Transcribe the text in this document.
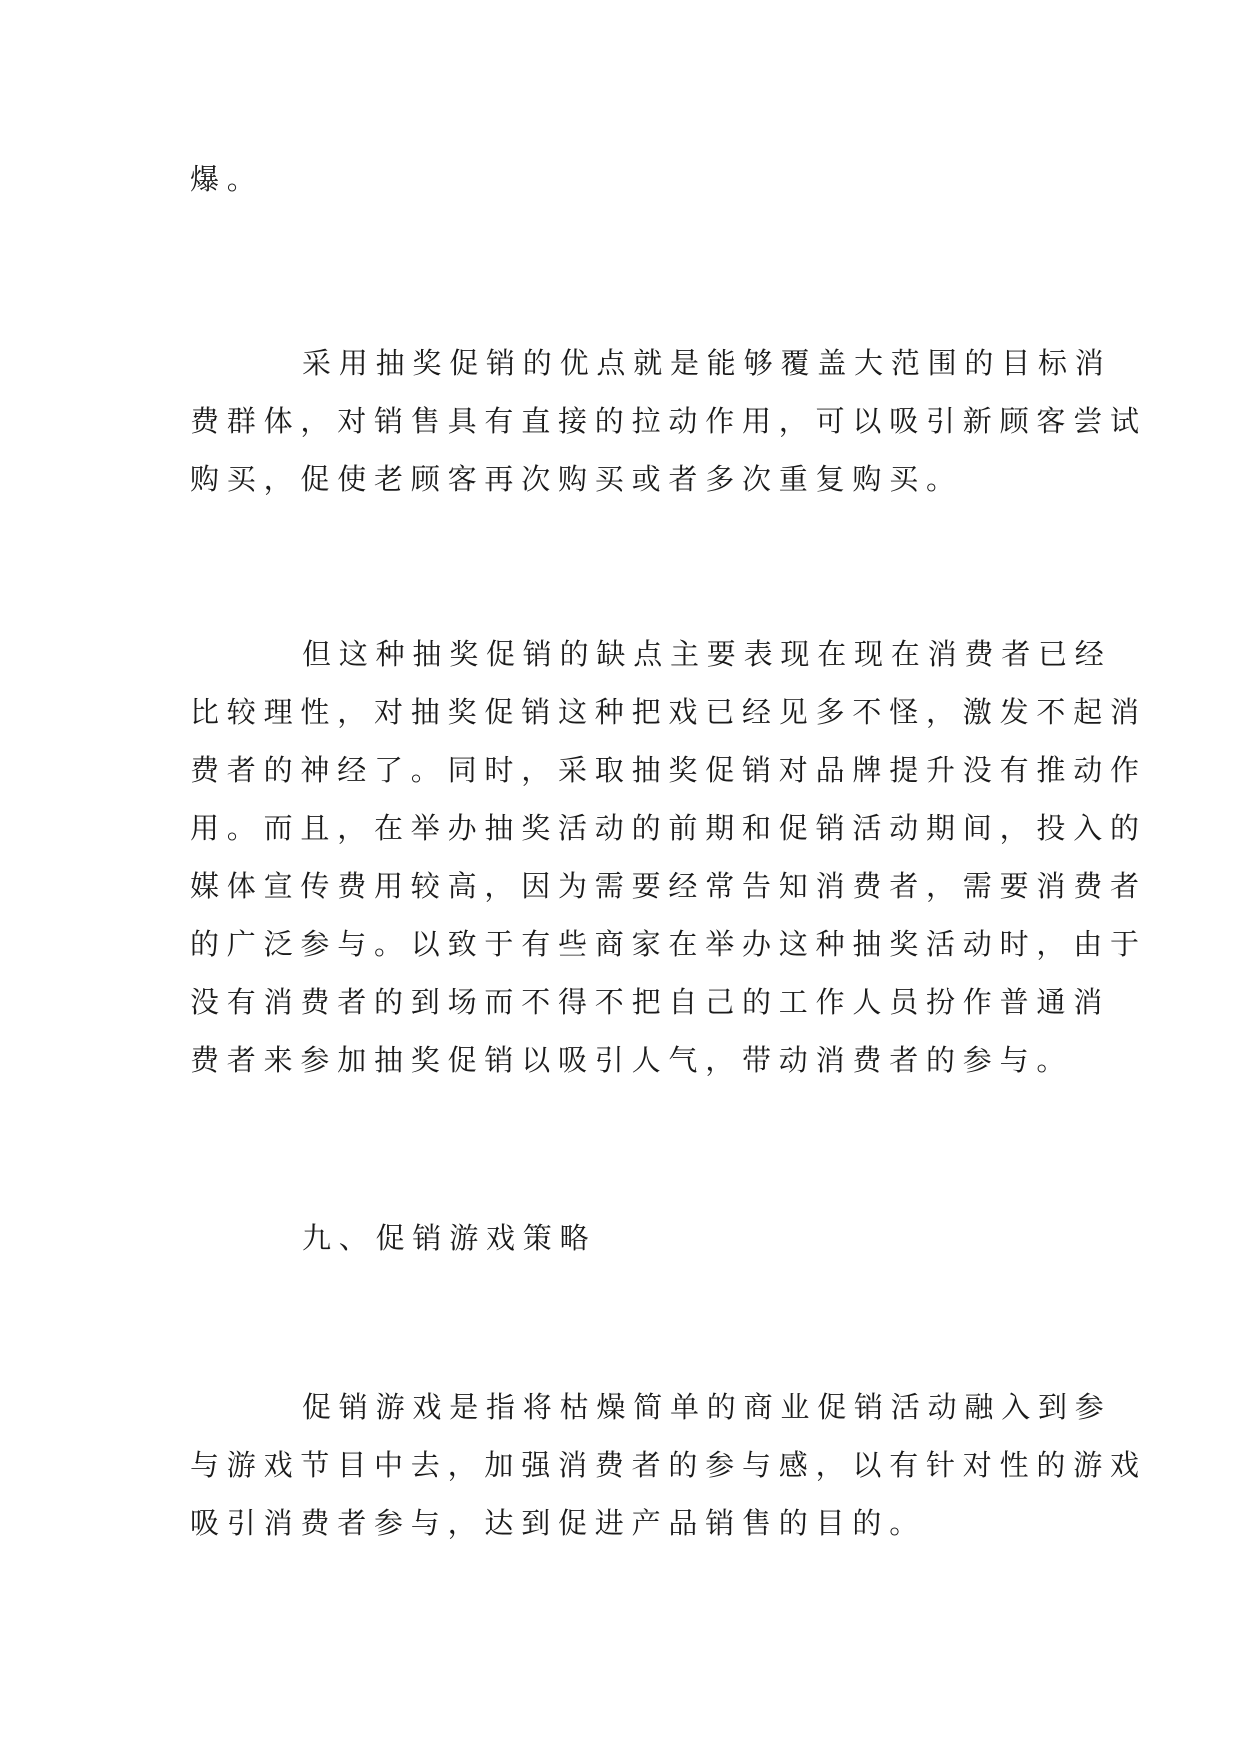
爆。
采用抽奖促销的优点就是能够覆盖大范围的目标消
费群体，对销售具有直接的拉动作用，可以吸引新顾客尝试
购买，促使老顾客再次购买或者多次重复购买。
但这种抽奖促销的缺点主要表现在现在消费者已经
比较理性，对抽奖促销这种把戏已经见多不怪，激发不起消
费者的神经了。同时，采取抽奖促销对品牌提升没有推动作
用。而且，在举办抽奖活动的前期和促销活动期间，投入的
媒体宣传费用较高，因为需要经常告知消费者，需要消费者
的广泛参与。以致于有些商家在举办这种抽奖活动时，由于
没有消费者的到场而不得不把自己的工作人员扮作普通消
费者来参加抽奖促销以吸引人气，带动消费者的参与。
九、促销游戏策略
促销游戏是指将枯燥简单的商业促销活动融入到参
与游戏节目中去，加强消费者的参与感，以有针对性的游戏
吸引消费者参与，达到促进产品销售的目的。
